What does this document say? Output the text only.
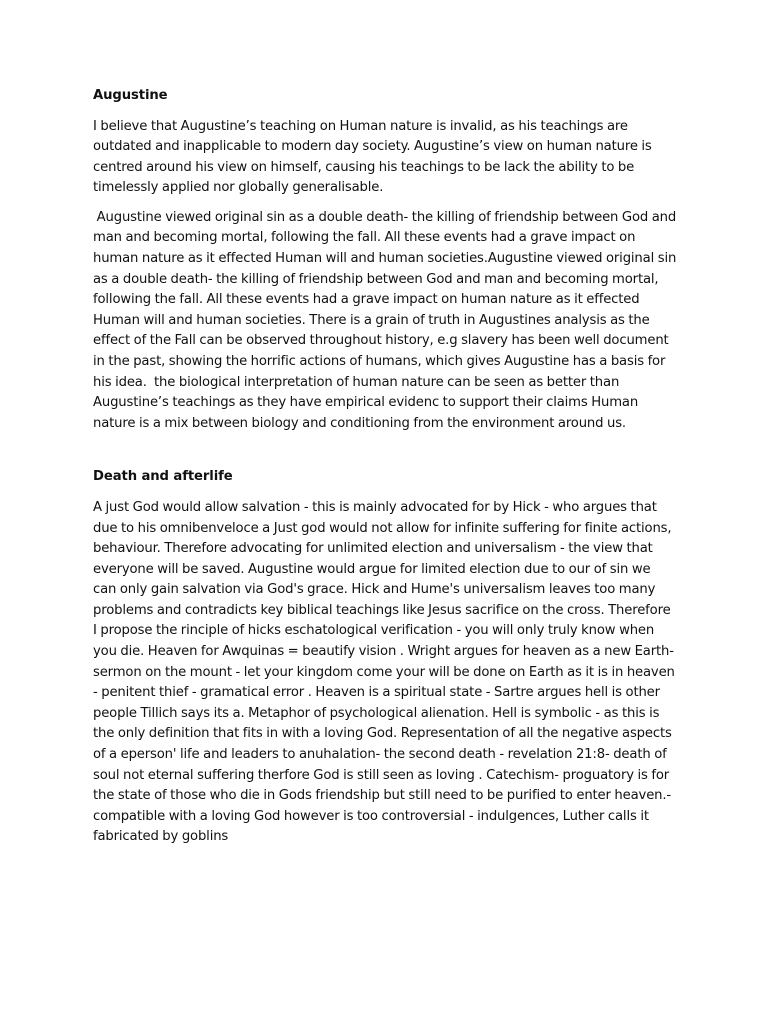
Augustine

I believe that Augustine’s teaching on Human nature is invalid, as his teachings are outdated and inapplicable to modern day society. Augustine’s view on human nature is centred around his view on himself, causing his teachings to be lack the ability to be timelessly applied nor globally generalisable.

Augustine viewed original sin as a double death- the killing of friendship between God and man and becoming mortal, following the fall. All these events had a grave impact on human nature as it effected Human will and human societies.Augustine viewed original sin as a double death- the killing of friendship between God and man and becoming mortal, following the fall. All these events had a grave impact on human nature as it effected Human will and human societies. There is a grain of truth in Augustines analysis as the effect of the Fall can be observed throughout history, e.g slavery has been well document in the past, showing the horrific actions of humans, which gives Augustine has a basis for his idea.  the biological interpretation of human nature can be seen as better than Augustine’s teachings as they have empirical evidenc to support their claims Human nature is a mix between biology and conditioning from the environment around us.

Death and afterlife

A just God would allow salvation - this is mainly advocated for by Hick - who argues that due to his omnibenveloce a Just god would not allow for infinite suffering for finite actions, behaviour. Therefore advocating for unlimited election and universalism - the view that everyone will be saved. Augustine would argue for limited election due to our of sin we can only gain salvation via God's grace. Hick and Hume's universalism leaves too many problems and contradicts key biblical teachings like Jesus sacrifice on the cross. Therefore I propose the rinciple of hicks eschatological verification - you will only truly know when you die. Heaven for Awquinas = beautify vision . Wright argues for heaven as a new Earth- sermon on the mount - let your kingdom come your will be done on Earth as it is in heaven - penitent thief - gramatical error . Heaven is a spiritual state - Sartre argues hell is other people Tillich says its a. Metaphor of psychological alienation. Hell is symbolic - as this is the only definition that fits in with a loving God. Representation of all the negative aspects of a eperson' life and leaders to anuhalation- the second death - revelation 21:8- death of soul not eternal suffering therfore God is still seen as loving . Catechism- proguatory is for the state of those who die in Gods friendship but still need to be purified to enter heaven.- compatible with a loving God however is too controversial - indulgences, Luther calls it fabricated by goblins
